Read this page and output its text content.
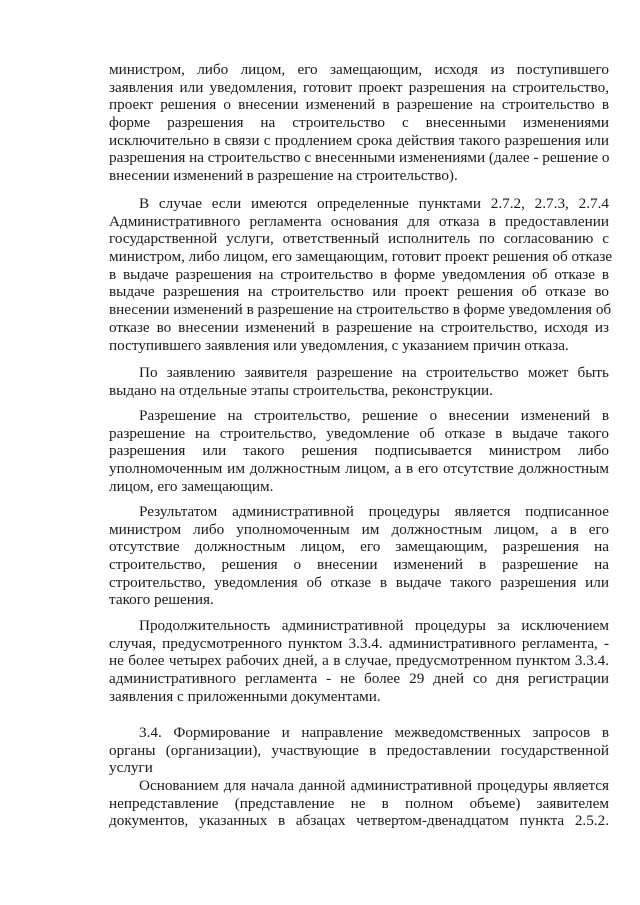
министром, либо лицом, его замещающим, исходя из поступившего
заявления или уведомления, готовит проект разрешения на строительство,
проект решения о внесении изменений в разрешение на строительство в
форме разрешения на строительство с внесенными изменениями
исключительно в связи с продлением срока действия такого разрешения или
разрешения на строительство с внесенными изменениями (далее - решение о
внесении изменений в разрешение на строительство).
В случае если имеются определенные пунктами 2.7.2, 2.7.3, 2.7.4
Административного регламента основания для отказа в предоставлении
государственной услуги, ответственный исполнитель по согласованию с
министром, либо лицом, его замещающим, готовит проект решения об отказе
в выдаче разрешения на строительство в форме уведомления об отказе в
выдаче разрешения на строительство или проект решения об отказе во
внесении изменений в разрешение на строительство в форме уведомления об
отказе во внесении изменений в разрешение на строительство, исходя из
поступившего заявления или уведомления, с указанием причин отказа.
По заявлению заявителя разрешение на строительство может быть
выдано на отдельные этапы строительства, реконструкции.
Разрешение на строительство, решение о внесении изменений в
разрешение на строительство, уведомление об отказе в выдаче такого
разрешения или такого решения подписывается министром либо
уполномоченным им должностным лицом, а в его отсутствие должностным
лицом, его замещающим.
Результатом административной процедуры является подписанное
министром либо уполномоченным им должностным лицом, а в его
отсутствие должностным лицом, его замещающим, разрешения на
строительство, решения о внесении изменений в разрешение на
строительство, уведомления об отказе в выдаче такого разрешения или
такого решения.
Продолжительность административной процедуры за исключением
случая, предусмотренного пунктом 3.3.4. административного регламента, -
не более четырех рабочих дней, а в случае, предусмотренном пунктом 3.3.4.
административного регламента - не более 29 дней со дня регистрации
заявления с приложенными документами.
3.4. Формирование и направление межведомственных запросов в
органы (организации), участвующие в предоставлении государственной
услуги
Основанием для начала данной административной процедуры является
непредставление (представление не в полном объеме) заявителем
документов, указанных в абзацах четвертом-двенадцатом пункта 2.5.2.
